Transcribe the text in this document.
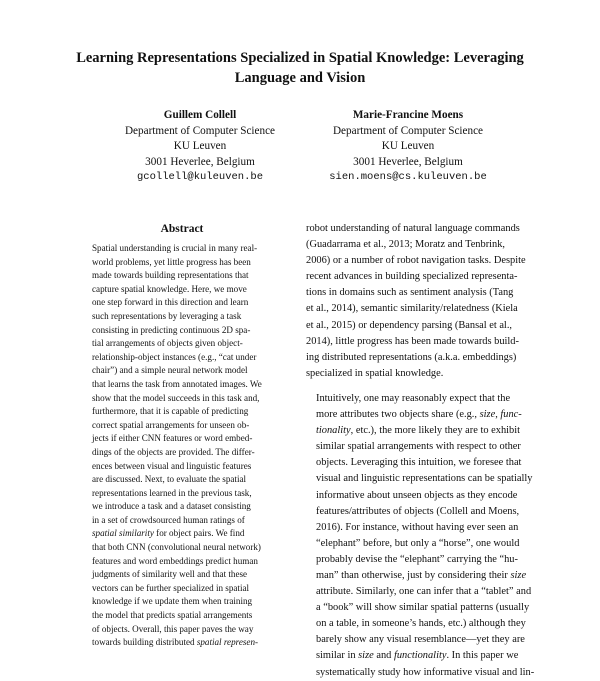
Learning Representations Specialized in Spatial Knowledge: Leveraging
Language and Vision
Guillem Collell
Department of Computer Science
KU Leuven
3001 Heverlee, Belgium
gcollell@kuleuven.be
Marie-Francine Moens
Department of Computer Science
KU Leuven
3001 Heverlee, Belgium
sien.moens@cs.kuleuven.be
Abstract
Spatial understanding is crucial in many real-
world problems, yet little progress has been
made towards building representations that
capture spatial knowledge. Here, we move
one step forward in this direction and learn
such representations by leveraging a task
consisting in predicting continuous 2D spa-
tial arrangements of objects given object-
relationship-object instances (e.g., “cat under
chair”) and a simple neural network model
that learns the task from annotated images. We
show that the model succeeds in this task and,
furthermore, that it is capable of predicting
correct spatial arrangements for unseen ob-
jects if either CNN features or word embed-
dings of the objects are provided. The differ-
ences between visual and linguistic features
are discussed. Next, to evaluate the spatial
representations learned in the previous task,
we introduce a task and a dataset consisting
in a set of crowdsourced human ratings of
spatial similarity for object pairs. We find
that both CNN (convolutional neural network)
features and word embeddings predict human
judgments of similarity well and that these
vectors can be further specialized in spatial
knowledge if we update them when training
the model that predicts spatial arrangements
of objects. Overall, this paper paves the way
towards building distributed spatial represen-
robot understanding of natural language commands
(Guadarrama et al., 2013; Moratz and Tenbrink,
2006) or a number of robot navigation tasks. Despite
recent advances in building specialized representa-
tions in domains such as sentiment analysis (Tang
et al., 2014), semantic similarity/relatedness (Kiela
et al., 2015) or dependency parsing (Bansal et al.,
2014), little progress has been made towards build-
ing distributed representations (a.k.a. embeddings)
specialized in spatial knowledge.
Intuitively, one may reasonably expect that the
more attributes two objects share (e.g., size, func-
tionality, etc.), the more likely they are to exhibit
similar spatial arrangements with respect to other
objects. Leveraging this intuition, we foresee that
visual and linguistic representations can be spatially
informative about unseen objects as they encode
features/attributes of objects (Collell and Moens,
2016). For instance, without having ever seen an
“elephant” before, but only a “horse”, one would
probably devise the “elephant” carrying the “hu-
man” than otherwise, just by considering their size
attribute. Similarly, one can infer that a “tablet” and
a “book” will show similar spatial patterns (usually
on a table, in someone’s hands, etc.) although they
barely show any visual resemblance—yet they are
similar in size and functionality. In this paper we
systematically study how informative visual and lin-
